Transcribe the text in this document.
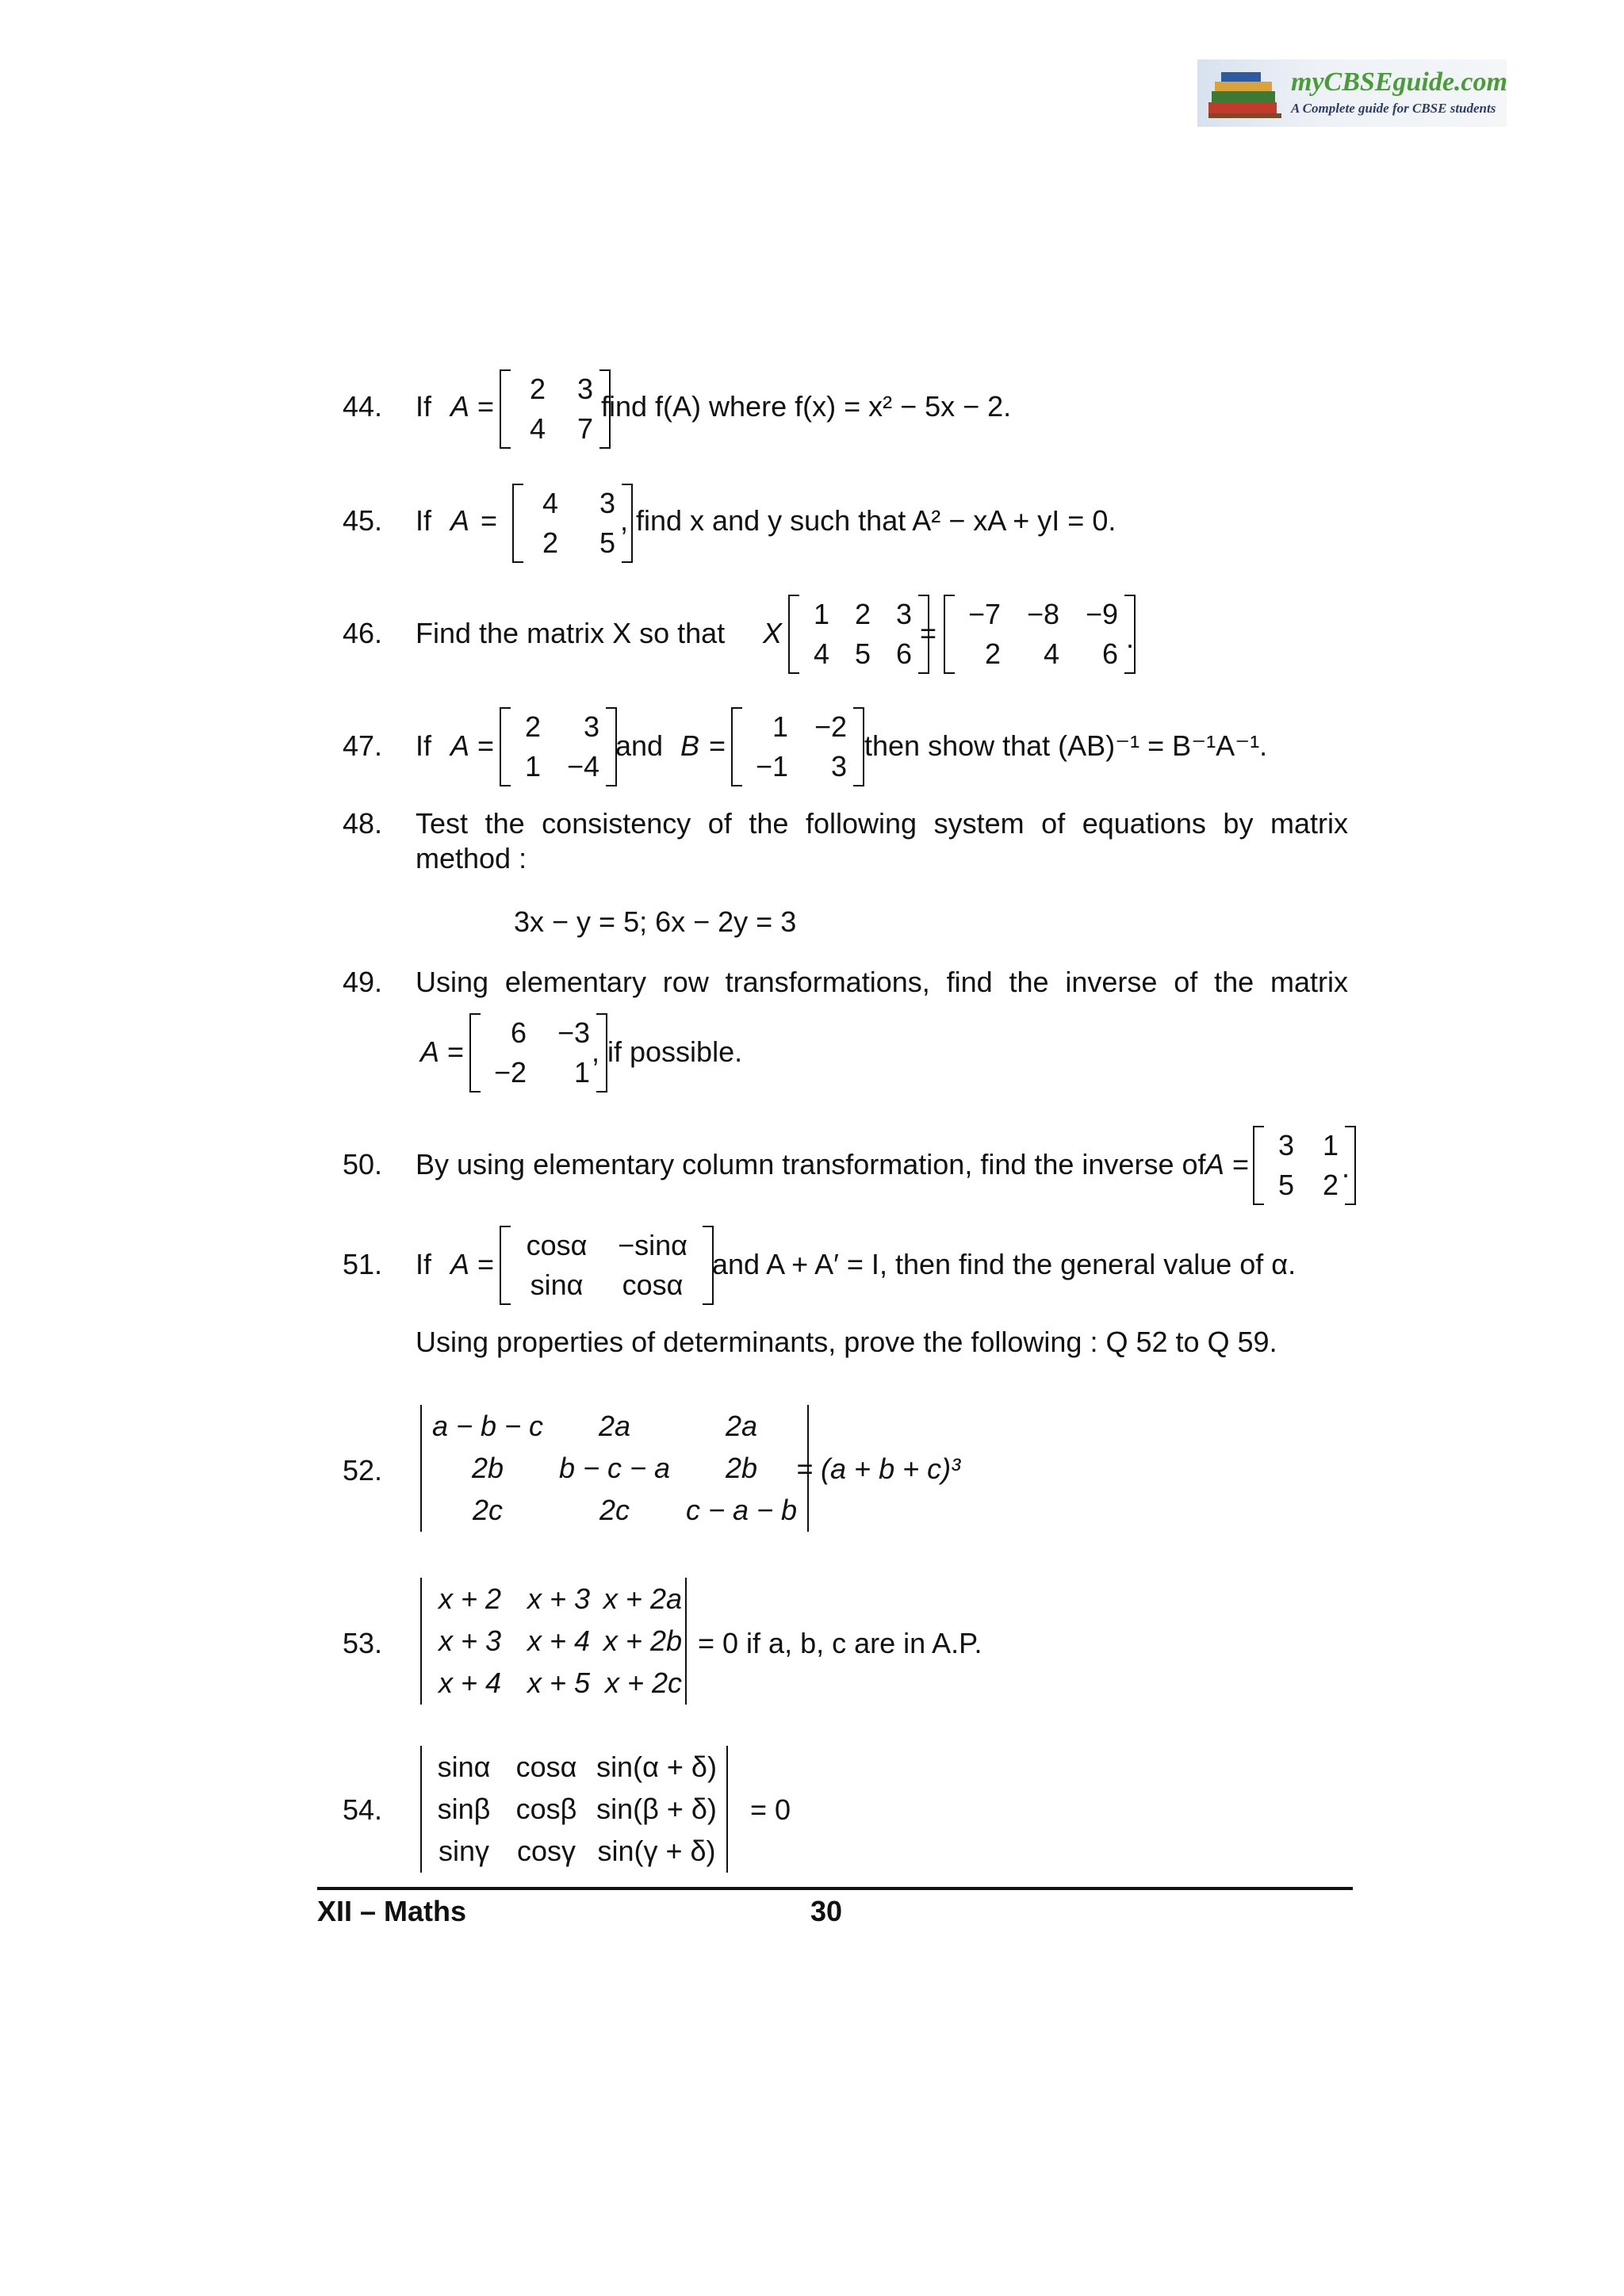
myCBSEguide.com
A Complete guide for CBSE students
44. If A =
2	3
4	7
find f(A) where f(x) = x² − 5x − 2.
45. If A =
4	3
2	5
, find x and y such that A² − xA + yI = 0.
46. Find the matrix X so that X
1 2 3
4 5 6
=
−7 −8 −9
2	4	6 .
47. If A =
2	3
1 −4
and B =
1 −2
−1	3
then show that (AB)⁻¹ = B⁻¹A⁻¹.
48. Test the consistency of the following system of equations by matrix
method :
3x − y = 5; 6x − 2y = 3
49. Using elementary row transformations, find the inverse of the matrix
A =
6 −3
−2	1
, if possible.
50. By using elementary column transformation, find the inverse of A =
3 1
5 2
.
51. If A =
cosα	−sinα
sinα	cosα
and A + A′ = I, then find the general value of α.
Using properties of determinants, prove the following : Q 52 to Q 59.
52.
a − b − c	2a	2a
2b	b − c − a	2b
2c	2c	c − a − b
= (a + b + c)³
53.
x + 2 x + 3 x + 2a
x + 3 x + 4 x + 2b
x + 4 x + 5 x + 2c
= 0 if a, b, c are in A.P.
54.
sinα cosα sin(α + δ)
sinβ cosβ sin(β + δ)
sinγ cosγ sin(γ + δ)
= 0
XII – Maths	30
